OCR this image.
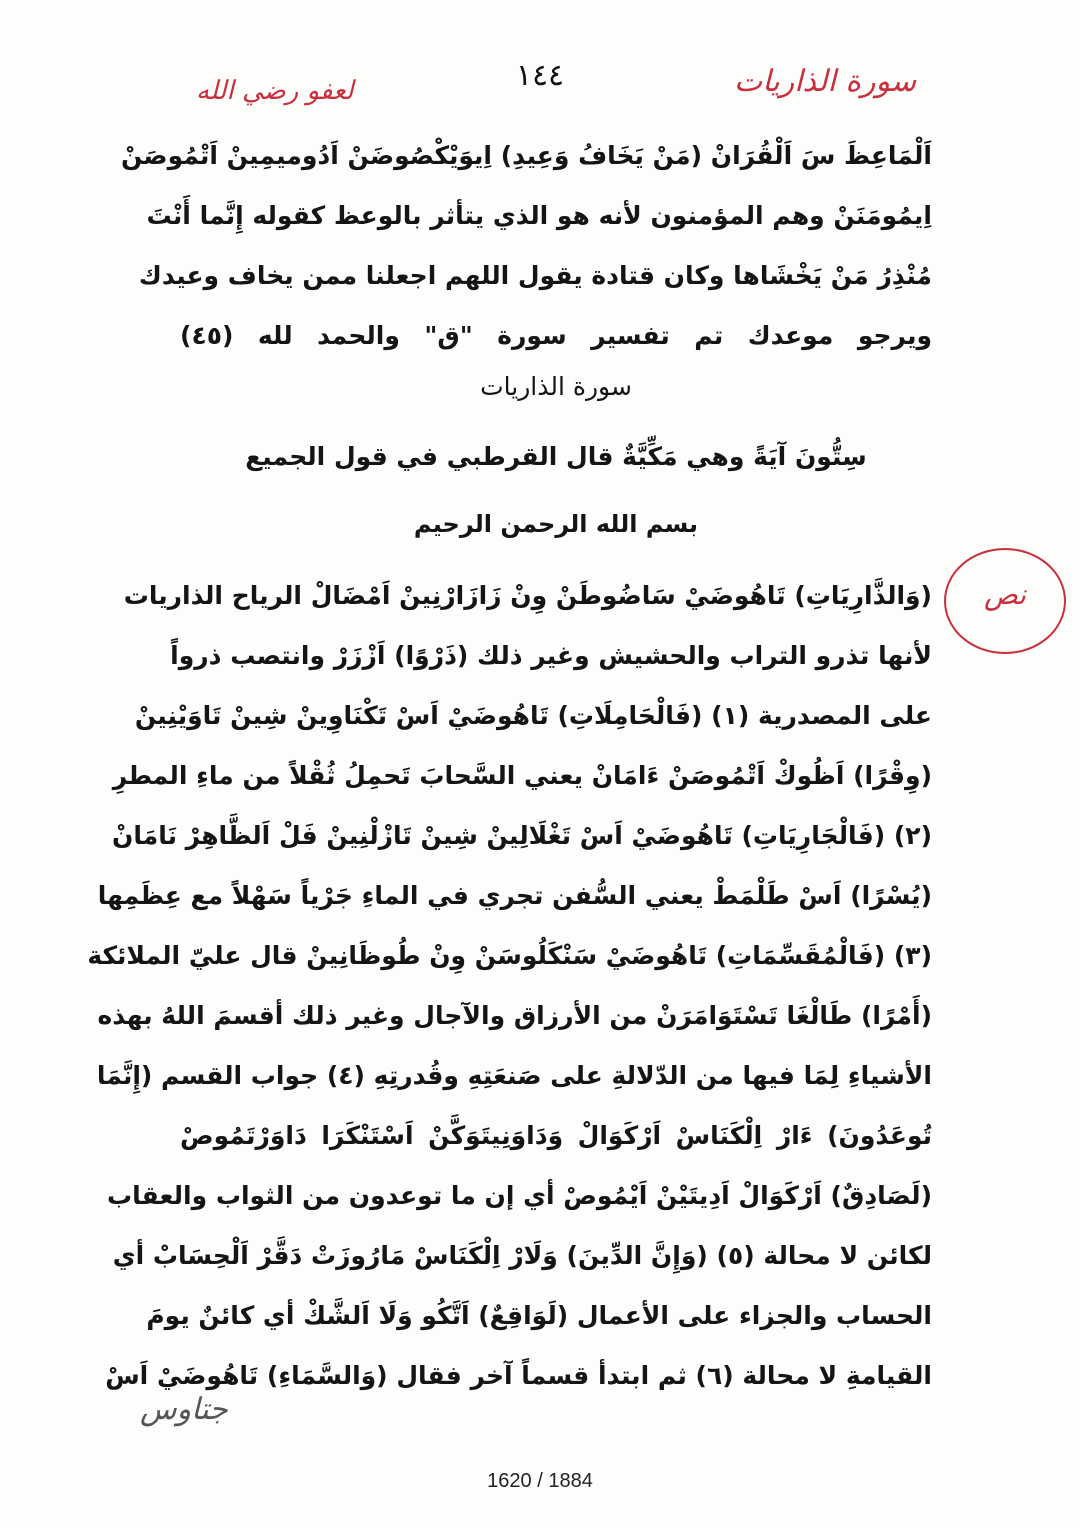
سورة الذاريات
١٤٤
لعفو رضي الله
اَلْمَاعِظَ سَ اَلْقُرَانْ (مَنْ يَخَافُ وَعِيدِ) اِيوَيْكْصُوضَنْ اَدُوميمِينْ اَتْمُوصَنْ
اِيمُومَنَنْ وهم المؤمنون لأنه هو الذي يتأثر بالوعظ كقوله إِنَّما أَنْتَ
مُنْذِرُ مَنْ يَخْشَاها وكان قتادة يقول اللهم اجعلنا ممن يخاف وعيدك
ويرجو موعدك تم تفسير سورة "ق" والحمد لله (٤٥)
سورة الذاريات
سِتُّونَ آيَةً وهي مَكِّيَّةٌ قال القرطبي في قول الجميع
بسم الله الرحمن الرحيم
نص
(وَالذَّارِيَاتِ) تَاهُوضَيْ سَاضُوطَنْ وِنْ زَازَارْنِينْ اَمْضَالْ الرياح الذاريات
لأنها تذرو التراب والحشيش وغير ذلك (ذَرْوًا) اَزْزَرْ وانتصب ذرواً
على المصدرية (١) (فَالْحَامِلَاتِ) تَاهُوضَيْ اَسْ تَكْنَاوِينْ شِينْ تَاوَيْنِينْ
(وِقْرًا) اَظُوكْ اَتْمُوصَنْ ءَامَانْ يعني السَّحابَ تَحمِلُ ثُقْلاً من ماءِ المطرِ
(٢) (فَالْجَارِيَاتِ) تَاهُوضَيْ اَسْ تَغْلَالِينْ شِينْ تَازْلْنِينْ فَلْ اَلظَّاهِرْ نَامَانْ
(يُسْرًا) اَسْ طَلْمَطْ يعني السُّفن تجري في الماءِ جَرْياً سَهْلاً مع عِظَمِها
(٣) (فَالْمُقَسِّمَاتِ) تَاهُوضَيْ سَنْكَلُوسَنْ وِنْ طُوظَانِينْ قال عليّ الملائكة
(أَمْرًا) طَالْغَا تَسْتَوَامَرَنْ من الأرزاق والآجال وغير ذلك أقسمَ اللهُ بهذه
الأشياءِ لِمَا فيها من الدّلالةِ على صَنعَتِهِ وقُدرتِهِ (٤) جواب القسم (إِنَّمَا
تُوعَدُونَ) ءَارْ اِلْكَنَاسْ اَرْكَوَالْ وَدَاوَنِيتَوَكَّنْ اَسْتَنْكَرَا دَاوَرْتَمُوصْ
(لَصَادِقٌ) اَرْكَوَالْ اَدِيتَيْنْ اَيْمُوصْ أي إن ما توعدون من الثواب والعقاب
لكائن لا محالة (٥) (وَإِنَّ الدِّينَ) وَلَارْ اِلْكَنَاسْ مَارُوزَتْ دَقَّرْ اَلْحِسَابْ أي
الحساب والجزاء على الأعمال (لَوَاقِعٌ) اَتَّكُو وَلَا اَلشَّكْ أي كائنٌ يومَ
القيامةِ لا محالة (٦) ثم ابتدأ قسماً آخر فقال (وَالسَّمَاءِ) تَاهُوضَيْ اَسْ
جتاوس
1620 / 1884
